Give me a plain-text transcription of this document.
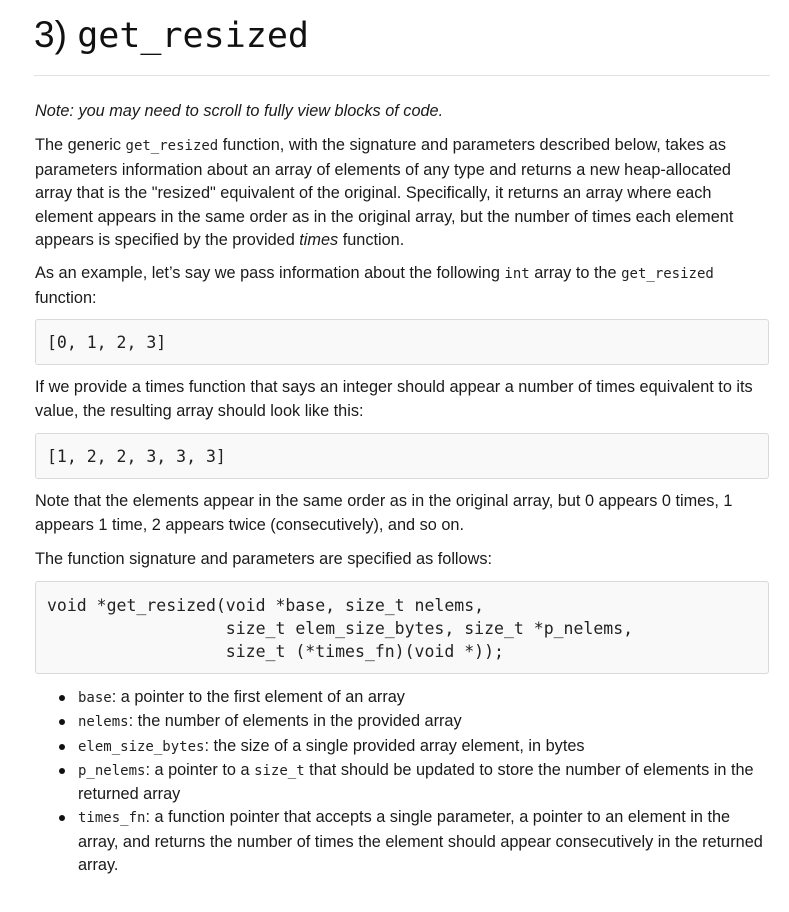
3) get_resized

Note: you may need to scroll to fully view blocks of code.

The generic get_resized function, with the signature and parameters described below, takes as parameters information about an array of elements of any type and returns a new heap-allocated array that is the "resized" equivalent of the original. Specifically, it returns an array where each element appears in the same order as in the original array, but the number of times each element appears is specified by the provided times function.

As an example, let’s say we pass information about the following int array to the get_resized function:

[0, 1, 2, 3]

If we provide a times function that says an integer should appear a number of times equivalent to its value, the resulting array should look like this:

[1, 2, 2, 3, 3, 3]

Note that the elements appear in the same order as in the original array, but 0 appears 0 times, 1 appears 1 time, 2 appears twice (consecutively), and so on.

The function signature and parameters are specified as follows:

void *get_resized(void *base, size_t nelems,
size_t elem_size_bytes, size_t *p_nelems,
size_t (*times_fn)(void *));
base: a pointer to the first element of an array
nelems: the number of elements in the provided array
elem_size_bytes: the size of a single provided array element, in bytes
p_nelems: a pointer to a size_t that should be updated to store the number of elements in the returned array
times_fn: a function pointer that accepts a single parameter, a pointer to an element in the array, and returns the number of times the element should appear consecutively in the returned array.
